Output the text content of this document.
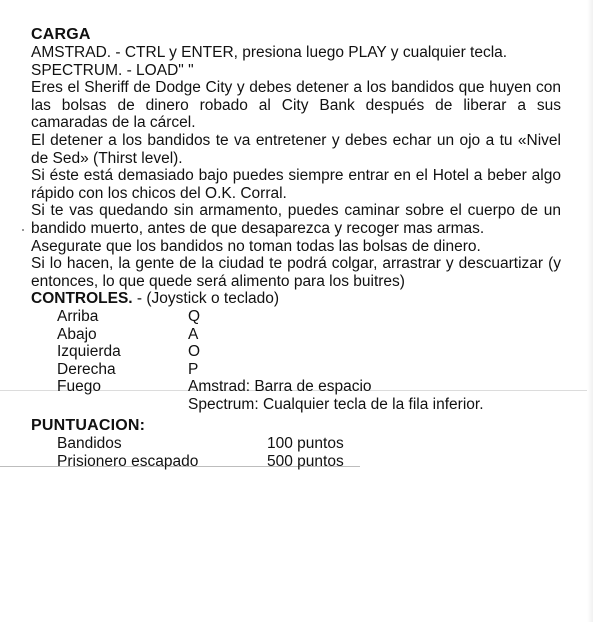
CARGA

AMSTRAD. - CTRL y ENTER, presiona luego PLAY y cualquier tecla.

SPECTRUM. - LOAD" "

Eres el Sheriff de Dodge City y debes detener a los bandidos que huyen con las bolsas de dinero robado al City Bank después de liberar a sus camaradas de la cárcel.

El detener a los bandidos te va entretener y debes echar un ojo a tu «Nivel de Sed» (Thirst level).

Si éste está demasiado bajo puedes siempre entrar en el Hotel a beber algo rápido con los chicos del O.K. Corral.

Si te vas quedando sin armamento, puedes caminar sobre el cuerpo de un bandido muerto, antes de que desaparezca y recoger mas armas.

Asegurate que los bandidos no toman todas las bolsas de dinero.

Si lo hacen, la gente de la ciudad te podrá colgar, arrastrar y descuartizar (y entonces, lo que quede será alimento para los buitres)

CONTROLES. - (Joystick o teclado)
Arriba	Q
Abajo	A
Izquierda	O
Derecha	P
Fuego	Amstrad: Barra de espacio
Spectrum: Cualquier tecla de la fila inferior.
PUNTUACION:
Bandidos	100 puntos
Prisionero escapado	500 puntos
